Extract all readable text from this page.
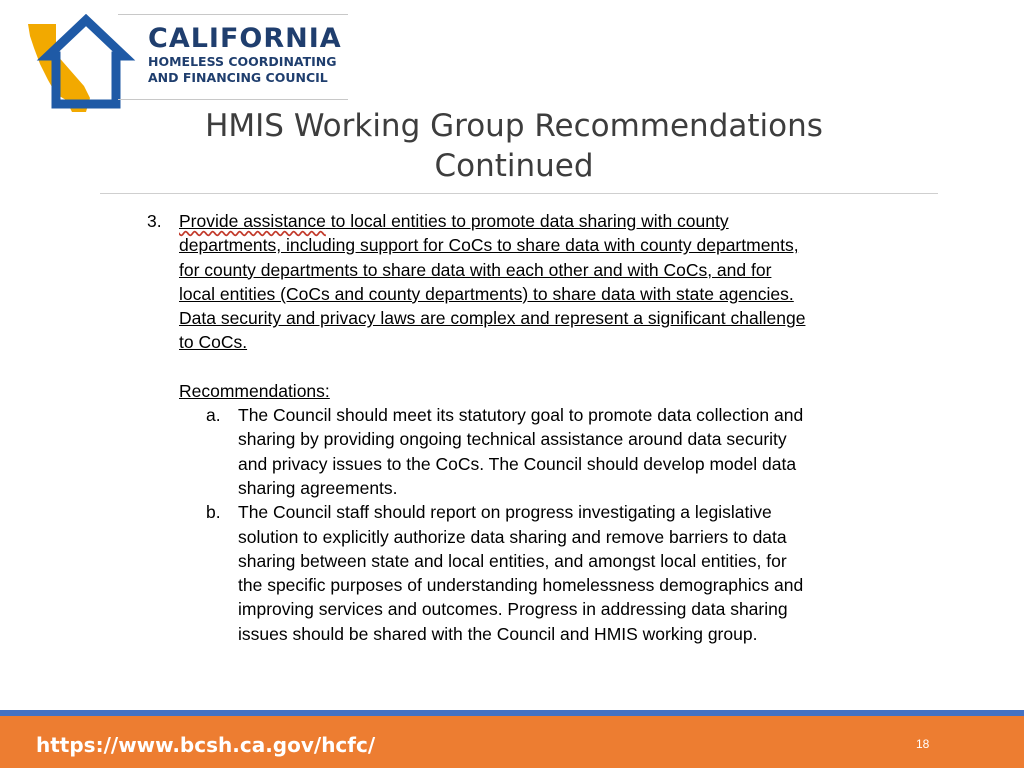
CALIFORNIA
HOMELESS COORDINATING
AND FINANCING COUNCIL
HMIS Working Group Recommendations
Continued
3. Provide assistance to local entities to promote data sharing with county
departments, including support for CoCs to share data with county departments,
for county departments to share data with each other and with CoCs, and for
local entities (CoCs and county departments) to share data with state agencies.
Data security and privacy laws are complex and represent a significant challenge
to CoCs.
Recommendations:
a. The Council should meet its statutory goal to promote data collection and
sharing by providing ongoing technical assistance around data security
and privacy issues to the CoCs. The Council should develop model data
sharing agreements.
b. The Council staff should report on progress investigating a legislative
solution to explicitly authorize data sharing and remove barriers to data
sharing between state and local entities, and amongst local entities, for
the specific purposes of understanding homelessness demographics and
improving services and outcomes. Progress in addressing data sharing
issues should be shared with the Council and HMIS working group.
https://www.bcsh.ca.gov/hcfc/	18
